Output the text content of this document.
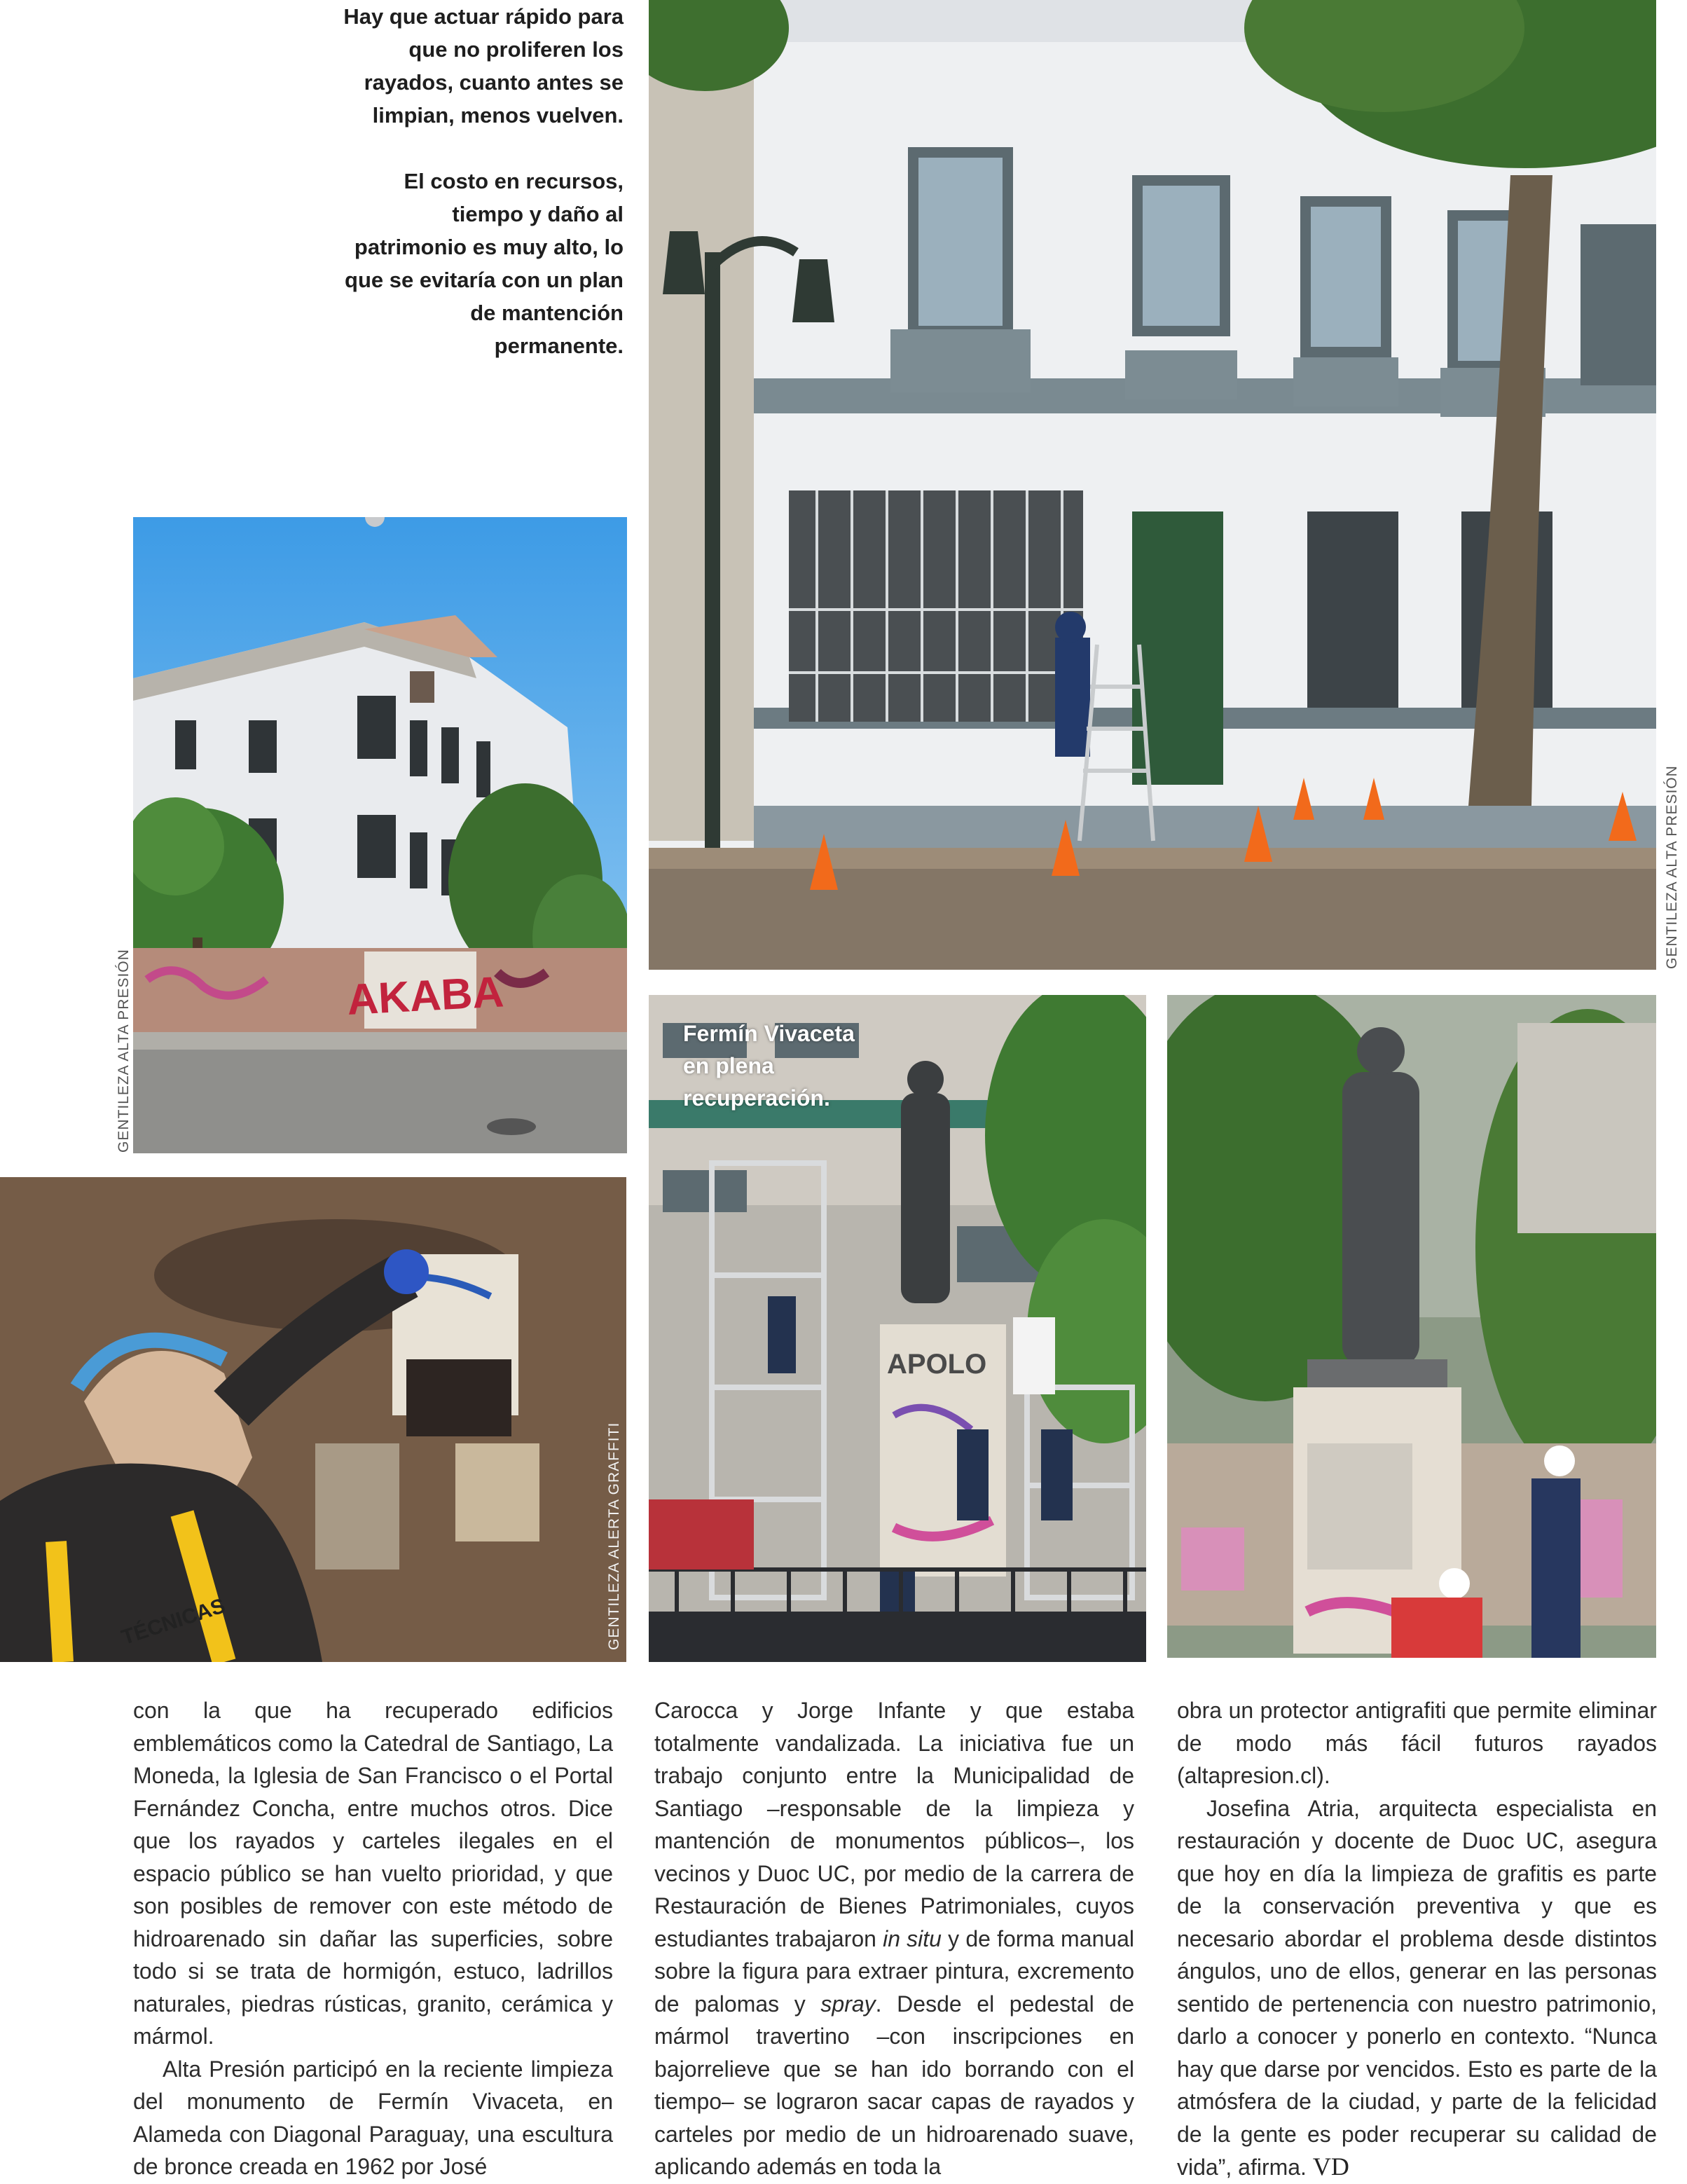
Hay que actuar rápido para que no proliferen los rayados, cuanto antes se limpian, menos vuelven.

El costo en recursos, tiempo y daño al patrimonio es muy alto, lo que se evitaría con un plan de mantención permanente.

AKABA
GENTILEZA ALTA PRESIÓN
GENTILEZA ALTA PRESIÓN
TÉCNICAS	GENTILEZA ALERTA GRAFFITI
APOLO
Fermín Vivaceta en plena recuperación.

con la que ha recuperado edificios emblemáticos como la Catedral de Santiago, La Moneda, la Iglesia de San Francisco o el Portal Fernández Concha, entre muchos otros. Dice que los rayados y carteles ilegales en el espacio público se han vuelto prioridad, y que son posibles de remover con este método de hidroarenado sin dañar las superficies, sobre todo si se trata de hormigón, estuco, ladrillos naturales, piedras rústicas, granito, cerámica y mármol.

Alta Presión participó en la reciente limpieza del monumento de Fermín Vivaceta, en Alameda con Diagonal Paraguay, una escultura de bronce creada en 1962 por José

Carocca y Jorge Infante y que estaba totalmente vandalizada. La iniciativa fue un trabajo conjunto entre la Municipalidad de Santiago –responsable de la limpieza y mantención de monumentos públicos–, los vecinos y Duoc UC, por medio de la carrera de Restauración de Bienes Patrimoniales, cuyos estudiantes trabajaron in situ y de forma manual sobre la figura para extraer pintura, excremento de palomas y spray. Desde el pedestal de mármol travertino –con inscripciones en bajorrelieve que se han ido borrando con el tiempo– se lograron sacar capas de rayados y carteles por medio de un hidroarenado suave, aplicando además en toda la

obra un protector antigrafiti que permite eliminar de modo más fácil futuros rayados (altapresion.cl).

Josefina Atria, arquitecta especialista en restauración y docente de Duoc UC, asegura que hoy en día la limpieza de grafitis es parte de la conservación preventiva y que es necesario abordar el problema desde distintos ángulos, uno de ellos, generar en las personas sentido de pertenencia con nuestro patrimonio, darlo a conocer y ponerlo en contexto. “Nunca hay que darse por vencidos. Esto es parte de la atmósfera de la ciudad, y parte de la felicidad de la gente es poder recuperar su calidad de vida”, afirma. VD
